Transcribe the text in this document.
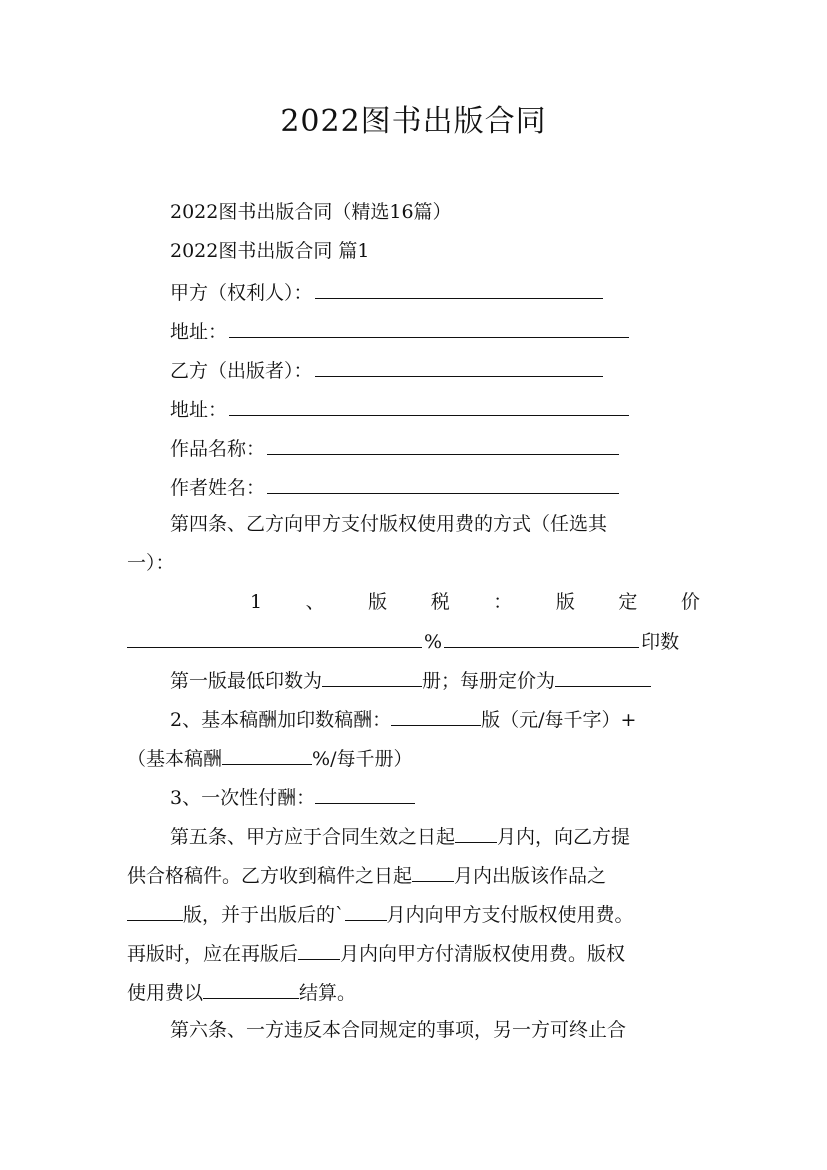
2022图书出版合同
2022图书出版合同（精选16篇）
2022图书出版合同 篇1
甲方（权利人）：
地址：
乙方（出版者）：
地址：
作品名称：
作者姓名：
第四条、乙方向甲方支付版权使用费的方式（任选其
一）：
1 、 版 税 ： 版 定 价
%	印数
第一版最低印数为	册；每册定价为
2、基本稿酬加印数稿酬：	版（元/每千字）+
（基本稿酬	%/每千册）
3、一次性付酬：
第五条、甲方应于合同生效之日起 月内，向乙方提
供合格稿件。乙方收到稿件之日起 月内出版该作品之
版，并于出版后的` 月内向甲方支付版权使用费。
再版时，应在再版后 月内向甲方付清版权使用费。版权
使用费以	结算。
第六条、一方违反本合同规定的事项，另一方可终止合
